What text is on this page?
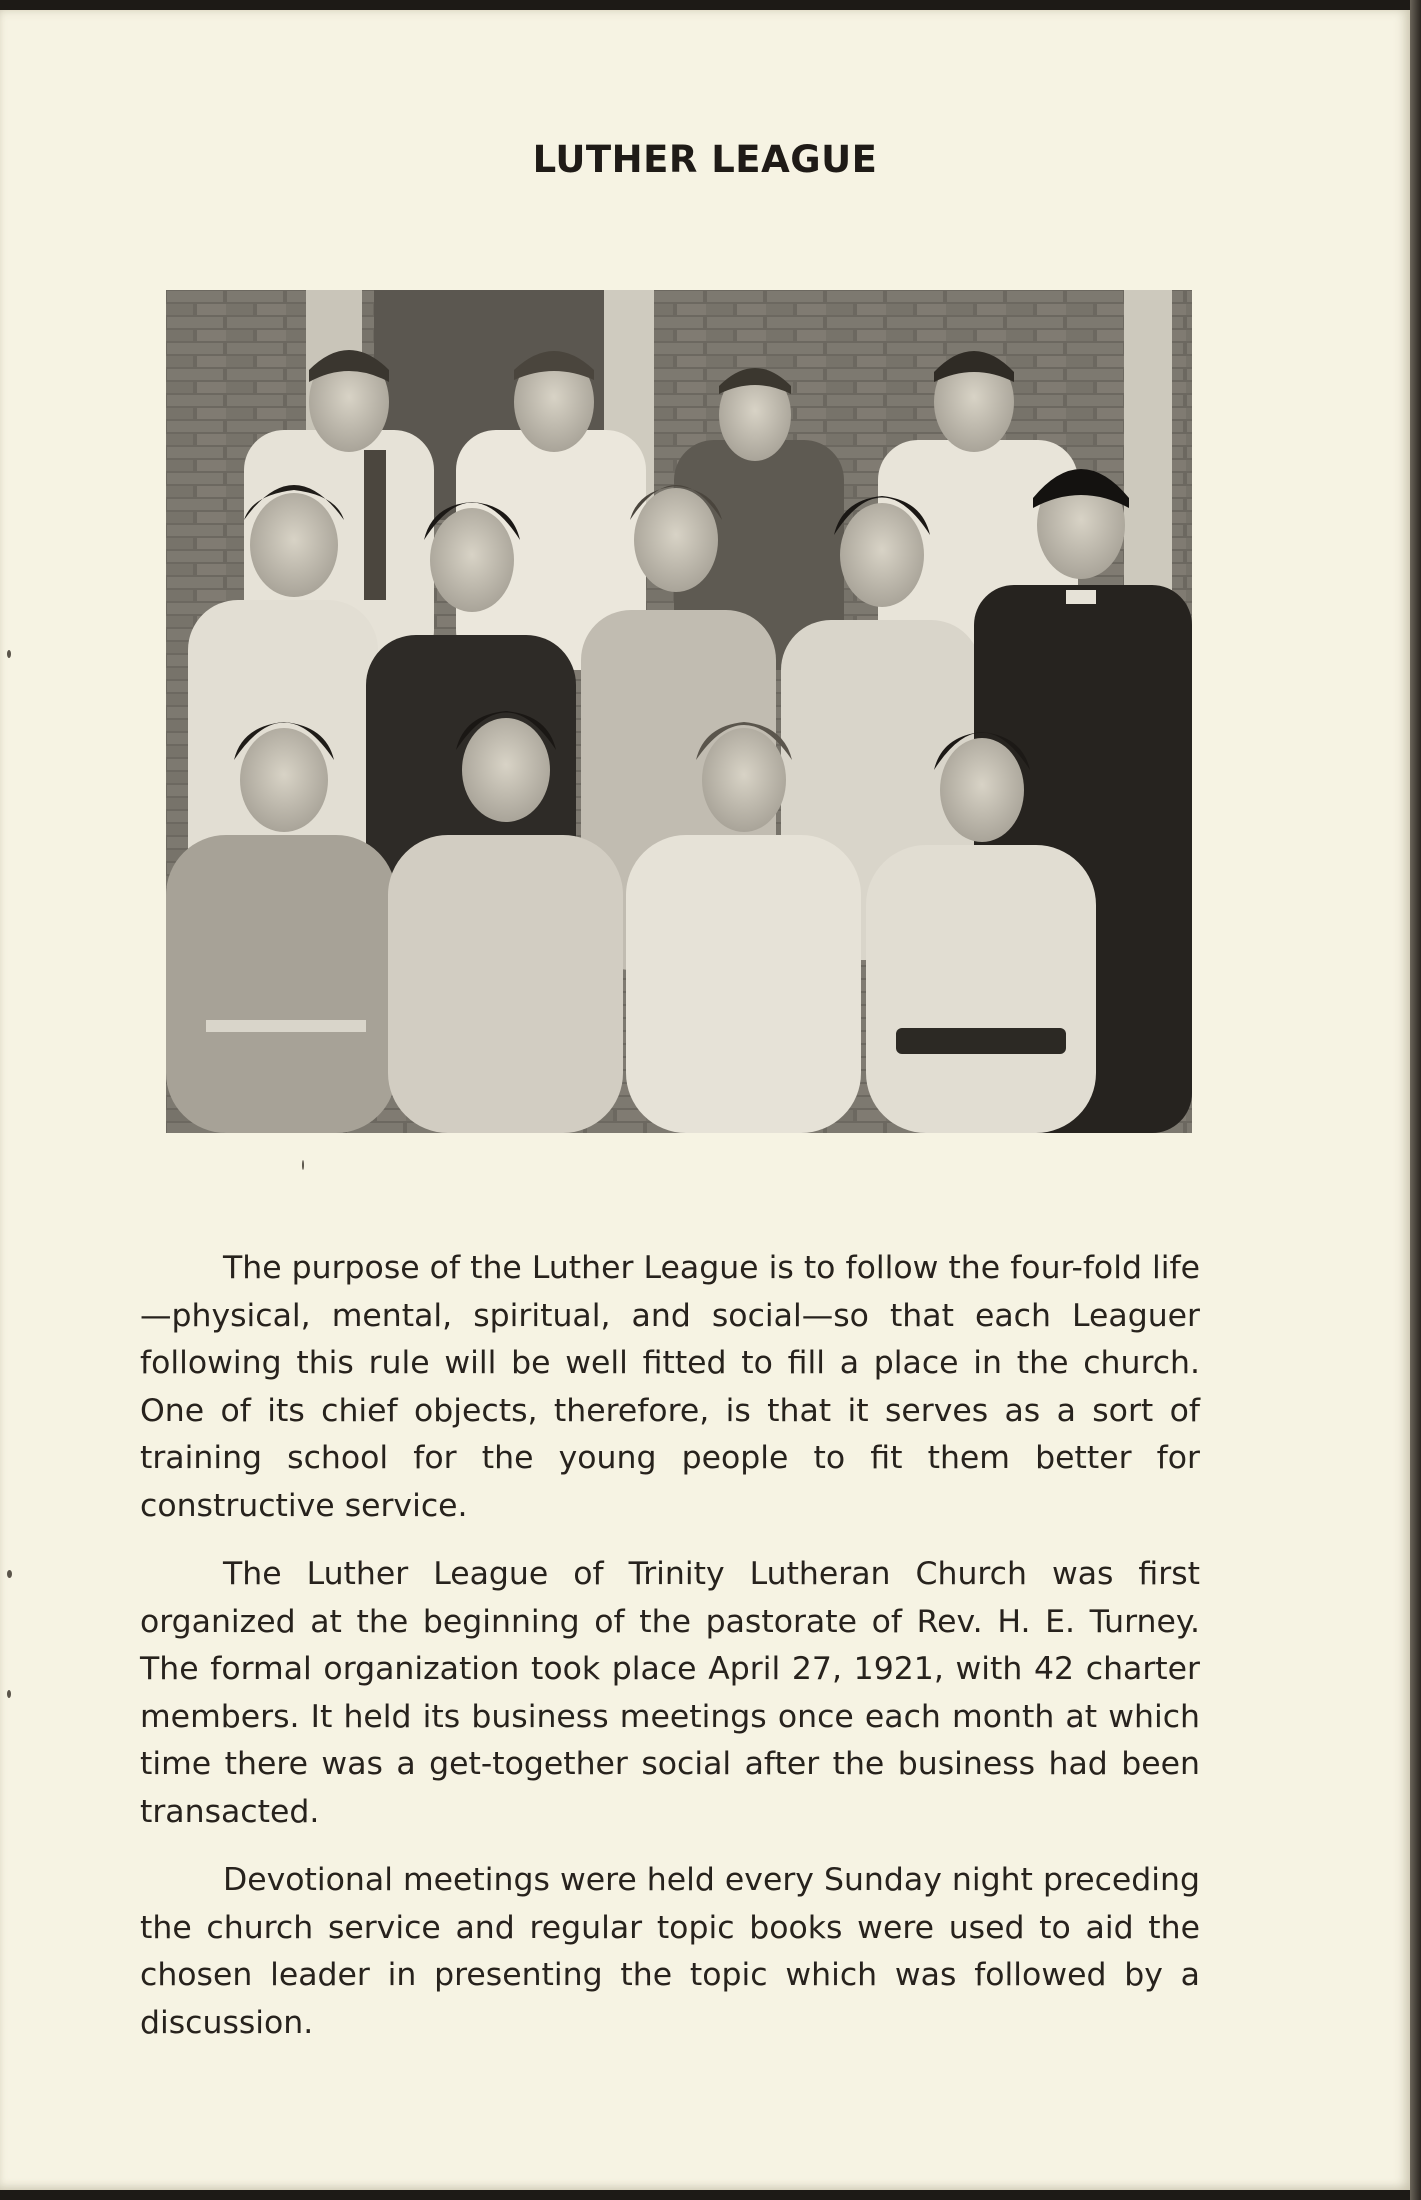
LUTHER LEAGUE

The purpose of the Luther League is to follow the four-fold life—physical, mental, spiritual, and social—so that each Leaguer following this rule will be well fitted to fill a place in the church. One of its chief objects, therefore, is that it serves as a sort of training school for the young people to fit them better for constructive service.

The Luther League of Trinity Lutheran Church was first organized at the beginning of the pastorate of Rev. H. E. Turney. The formal organization took place April 27, 1921, with 42 charter members. It held its business meetings once each month at which time there was a get-together social after the business had been transacted.

Devotional meetings were held every Sunday night preceding the church service and regular topic books were used to aid the chosen leader in presenting the topic which was followed by a discussion.
